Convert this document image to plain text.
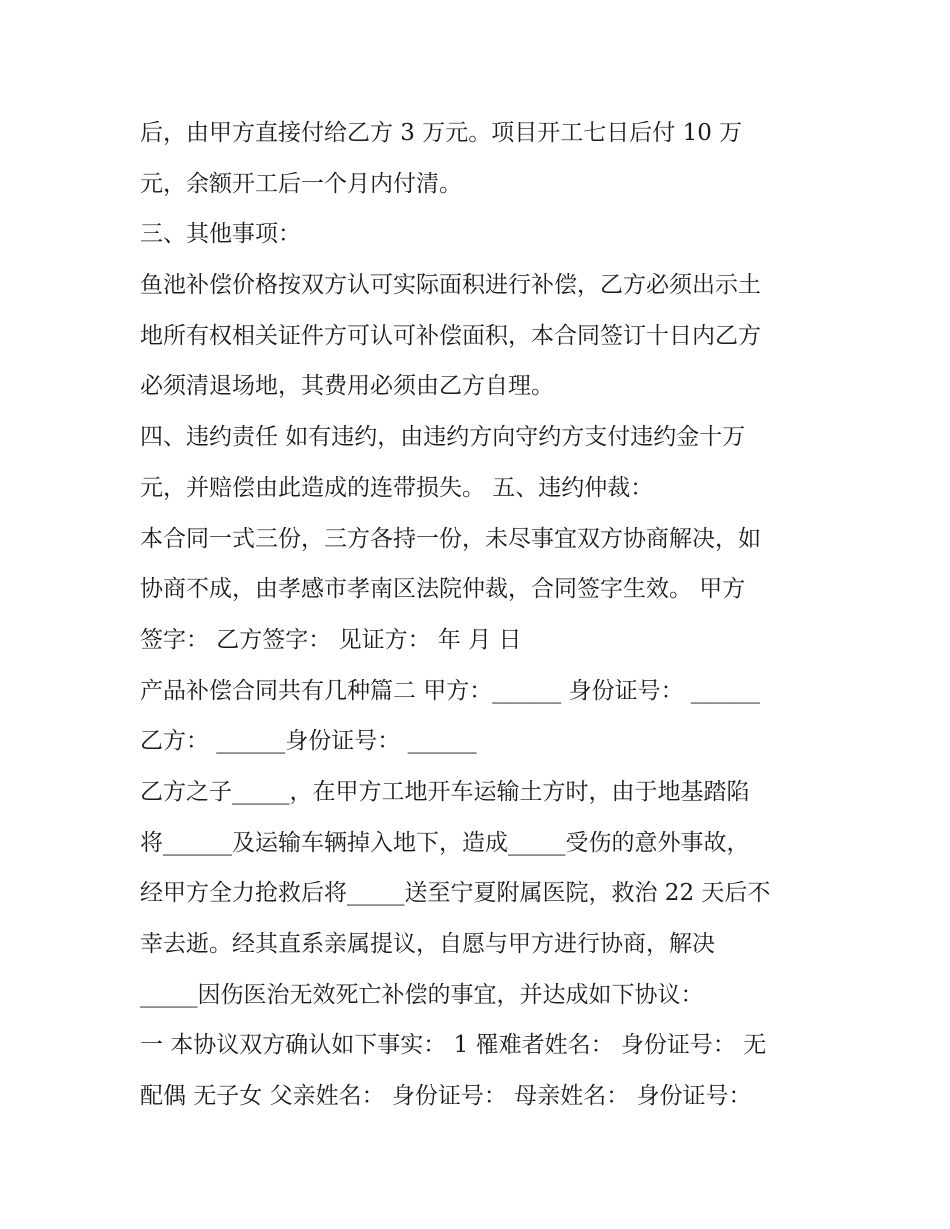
后，由甲方直接付给乙方 3 万元。项目开工七日后付 10 万
元，余额开工后一个月内付清。
三、其他事项：
鱼池补偿价格按双方认可实际面积进行补偿，乙方必须出示土
地所有权相关证件方可认可补偿面积，本合同签订十日内乙方
必须清退场地，其费用必须由乙方自理。
四、违约责任 如有违约，由违约方向守约方支付违约金十万
元，并赔偿由此造成的连带损失。 五、违约仲裁：
本合同一式三份，三方各持一份，未尽事宜双方协商解决，如
协商不成，由孝感市孝南区法院仲裁，合同签字生效。 甲方
签字： 乙方签字： 见证方： 年 月 日
产品补偿合同共有几种篇二 甲方：______ 身份证号： ______
乙方： ______身份证号： ______
乙方之子_____，在甲方工地开车运输土方时，由于地基踏陷
将______及运输车辆掉入地下，造成_____受伤的意外事故，
经甲方全力抢救后将_____送至宁夏附属医院，救治 22 天后不
幸去逝。经其直系亲属提议，自愿与甲方进行协商，解决
_____因伤医治无效死亡补偿的事宜，并达成如下协议：
一 本协议双方确认如下事实： 1 罹难者姓名： 身份证号： 无
配偶 无子女 父亲姓名： 身份证号： 母亲姓名： 身份证号：
